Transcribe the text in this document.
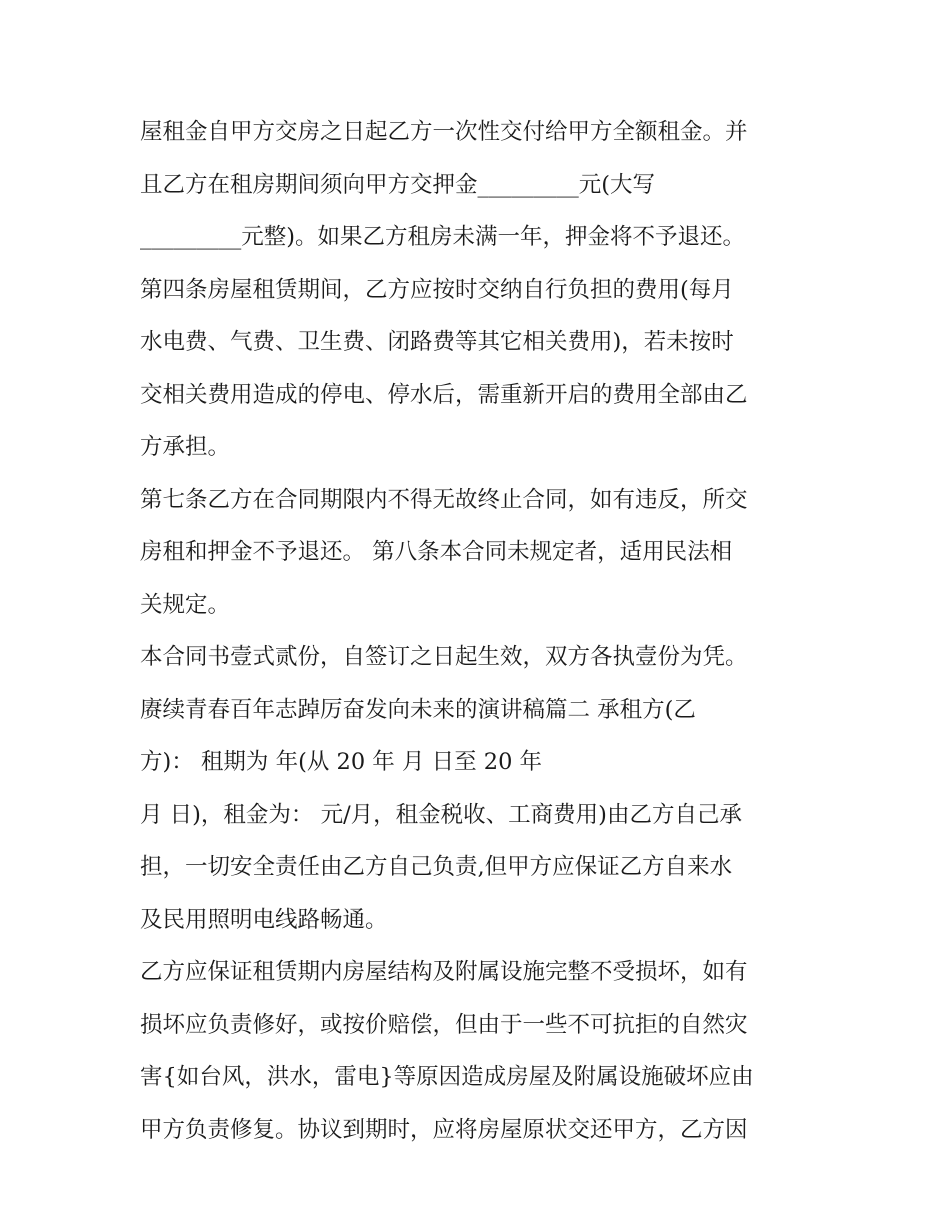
屋租金自甲方交房之日起乙方一次性交付给甲方全额租金。并

且乙方在租房期间须向甲方交押金_________元(大写

_________元整)。如果乙方租房未满一年，押金将不予退还。

第四条房屋租赁期间，乙方应按时交纳自行负担的费用(每月

水电费、气费、卫生费、闭路费等其它相关费用)，若未按时

交相关费用造成的停电、停水后，需重新开启的费用全部由乙

方承担。

第七条乙方在合同期限内不得无故终止合同，如有违反，所交

房租和押金不予退还。 第八条本合同未规定者，适用民法相

关规定。

本合同书壹式贰份，自签订之日起生效，双方各执壹份为凭。

赓续青春百年志踔厉奋发向未来的演讲稿篇二 承租方(乙

方)： 租期为 年(从 20 年 月 日至 20 年

月 日)，租金为： 元/月，租金税收、工商费用)由乙方自己承

担，一切安全责任由乙方自己负责,但甲方应保证乙方自来水

及民用照明电线路畅通。

乙方应保证租赁期内房屋结构及附属设施完整不受损坏，如有

损坏应负责修好，或按价赔偿，但由于一些不可抗拒的自然灾

害{如台风，洪水，雷电}等原因造成房屋及附属设施破坏应由

甲方负责修复。协议到期时，应将房屋原状交还甲方，乙方因
